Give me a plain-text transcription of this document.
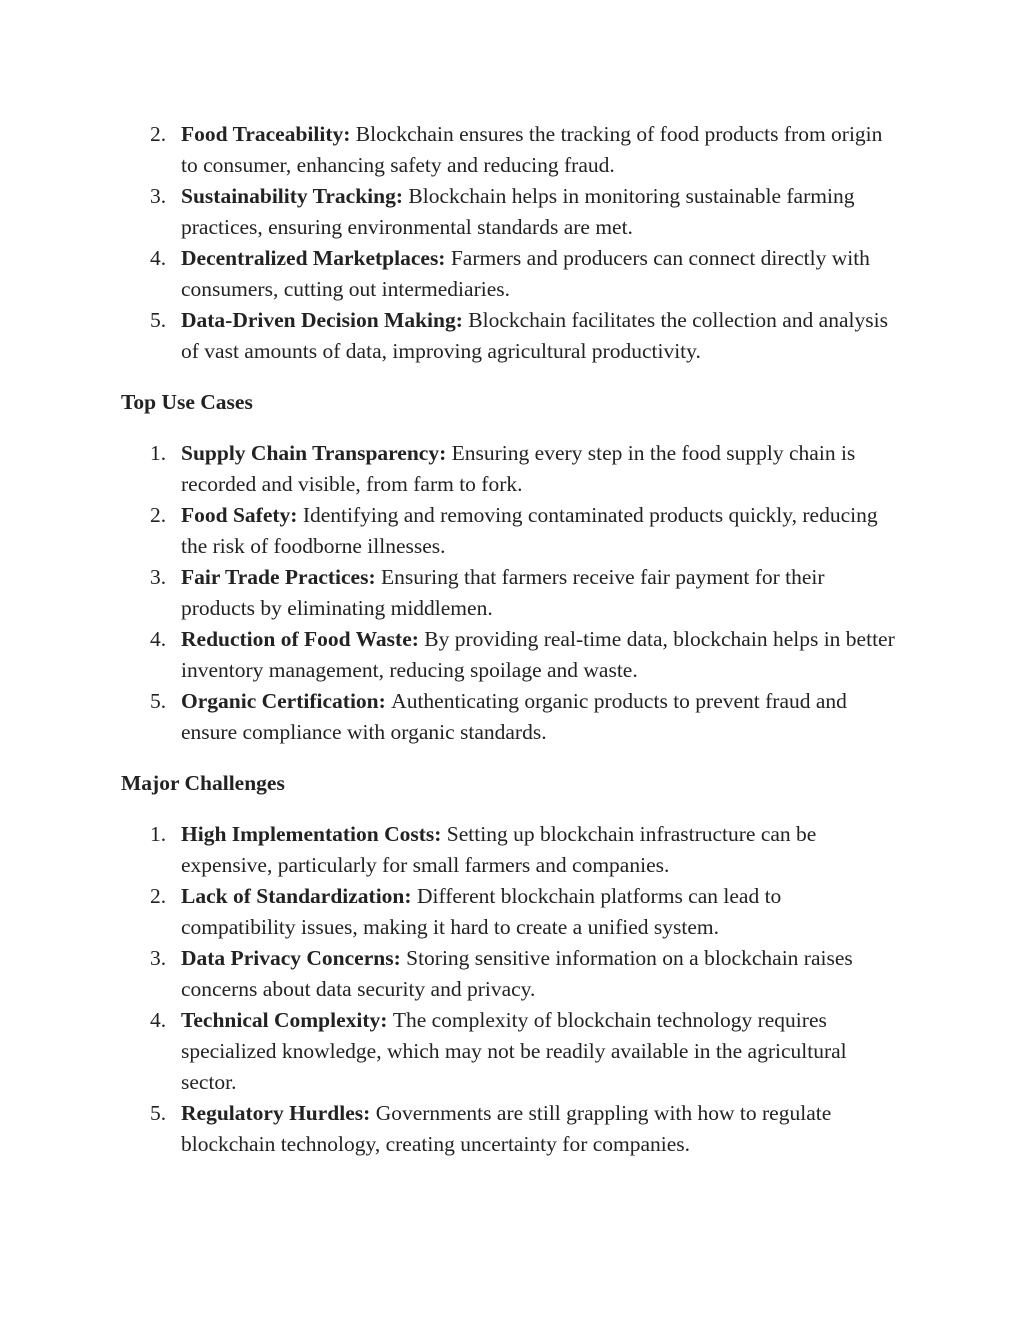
2. Food Traceability: Blockchain ensures the tracking of food products from origin to consumer, enhancing safety and reducing fraud.
3. Sustainability Tracking: Blockchain helps in monitoring sustainable farming practices, ensuring environmental standards are met.
4. Decentralized Marketplaces: Farmers and producers can connect directly with consumers, cutting out intermediaries.
5. Data-Driven Decision Making: Blockchain facilitates the collection and analysis of vast amounts of data, improving agricultural productivity.
Top Use Cases
1. Supply Chain Transparency: Ensuring every step in the food supply chain is recorded and visible, from farm to fork.
2. Food Safety: Identifying and removing contaminated products quickly, reducing the risk of foodborne illnesses.
3. Fair Trade Practices: Ensuring that farmers receive fair payment for their products by eliminating middlemen.
4. Reduction of Food Waste: By providing real-time data, blockchain helps in better inventory management, reducing spoilage and waste.
5. Organic Certification: Authenticating organic products to prevent fraud and ensure compliance with organic standards.
Major Challenges
1. High Implementation Costs: Setting up blockchain infrastructure can be expensive, particularly for small farmers and companies.
2. Lack of Standardization: Different blockchain platforms can lead to compatibility issues, making it hard to create a unified system.
3. Data Privacy Concerns: Storing sensitive information on a blockchain raises concerns about data security and privacy.
4. Technical Complexity: The complexity of blockchain technology requires specialized knowledge, which may not be readily available in the agricultural sector.
5. Regulatory Hurdles: Governments are still grappling with how to regulate blockchain technology, creating uncertainty for companies.
